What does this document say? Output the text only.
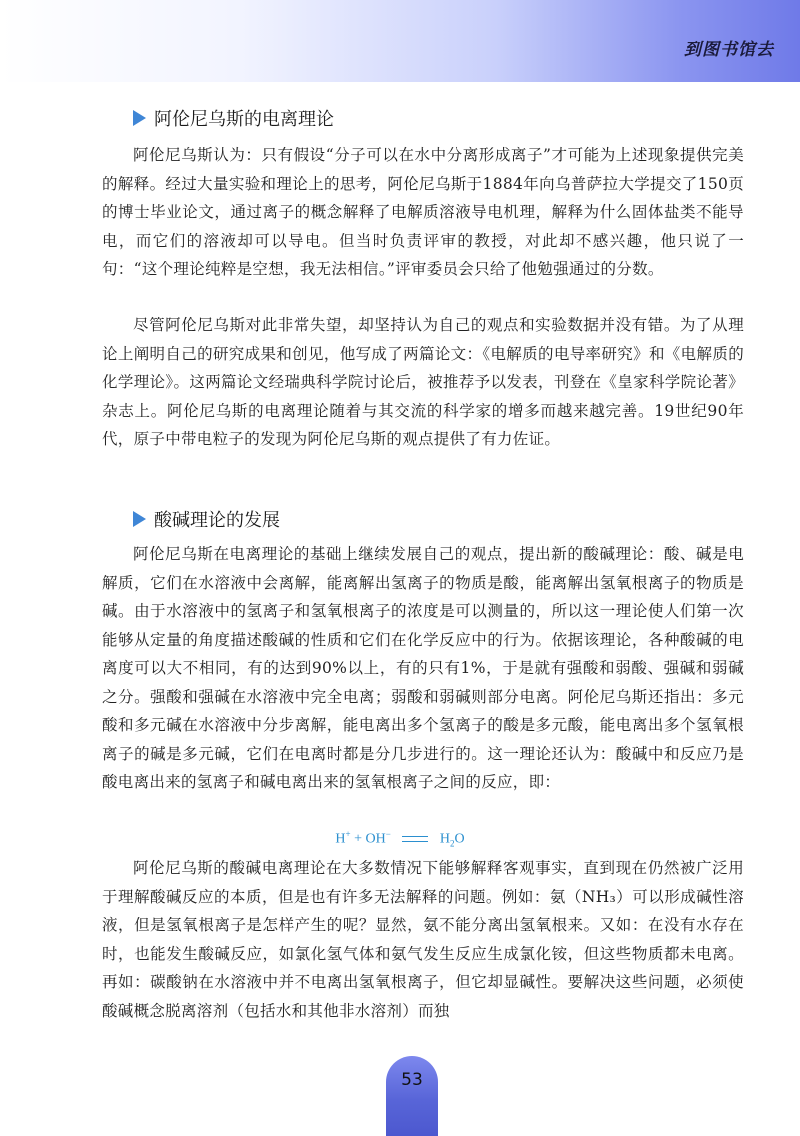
到图书馆去
阿伦尼乌斯的电离理论

阿伦尼乌斯认为：只有假设“分子可以在水中分离形成离子”才可能为上述现象提供完美的解释。经过大量实验和理论上的思考，阿伦尼乌斯于1884年向乌普萨拉大学提交了150页的博士毕业论文，通过离子的概念解释了电解质溶液导电机理，解释为什么固体盐类不能导电，而它们的溶液却可以导电。但当时负责评审的教授，对此却不感兴趣，他只说了一句：“这个理论纯粹是空想，我无法相信。”评审委员会只给了他勉强通过的分数。

尽管阿伦尼乌斯对此非常失望，却坚持认为自己的观点和实验数据并没有错。为了从理论上阐明自己的研究成果和创见，他写成了两篇论文：《电解质的电导率研究》和《电解质的化学理论》。这两篇论文经瑞典科学院讨论后，被推荐予以发表，刊登在《皇家科学院论著》杂志上。阿伦尼乌斯的电离理论随着与其交流的科学家的增多而越来越完善。19世纪90年代，原子中带电粒子的发现为阿伦尼乌斯的观点提供了有力佐证。

酸碱理论的发展

阿伦尼乌斯在电离理论的基础上继续发展自己的观点，提出新的酸碱理论：酸、碱是电解质，它们在水溶液中会离解，能离解出氢离子的物质是酸，能离解出氢氧根离子的物质是碱。由于水溶液中的氢离子和氢氧根离子的浓度是可以测量的，所以这一理论使人们第一次能够从定量的角度描述酸碱的性质和它们在化学反应中的行为。依据该理论，各种酸碱的电离度可以大不相同，有的达到90%以上，有的只有1%，于是就有强酸和弱酸、强碱和弱碱之分。强酸和强碱在水溶液中完全电离；弱酸和弱碱则部分电离。阿伦尼乌斯还指出：多元酸和多元碱在水溶液中分步离解，能电离出多个氢离子的酸是多元酸，能电离出多个氢氧根离子的碱是多元碱，它们在电离时都是分几步进行的。这一理论还认为：酸碱中和反应乃是酸电离出来的氢离子和碱电离出来的氢氧根离子之间的反应，即：

H+ + OH−	$H_2O$

阿伦尼乌斯的酸碱电离理论在大多数情况下能够解释客观事实，直到现在仍然被广泛用于理解酸碱反应的本质，但是也有许多无法解释的问题。例如：氨（NH₃）可以形成碱性溶液，但是氢氧根离子是怎样产生的呢？显然，氨不能分离出氢氧根来。又如：在没有水存在时，也能发生酸碱反应，如氯化氢气体和氨气发生反应生成氯化铵，但这些物质都未电离。再如：碳酸钠在水溶液中并不电离出氢氧根离子，但它却显碱性。要解决这些问题，必须使酸碱概念脱离溶剂（包括水和其他非水溶剂）而独

53
